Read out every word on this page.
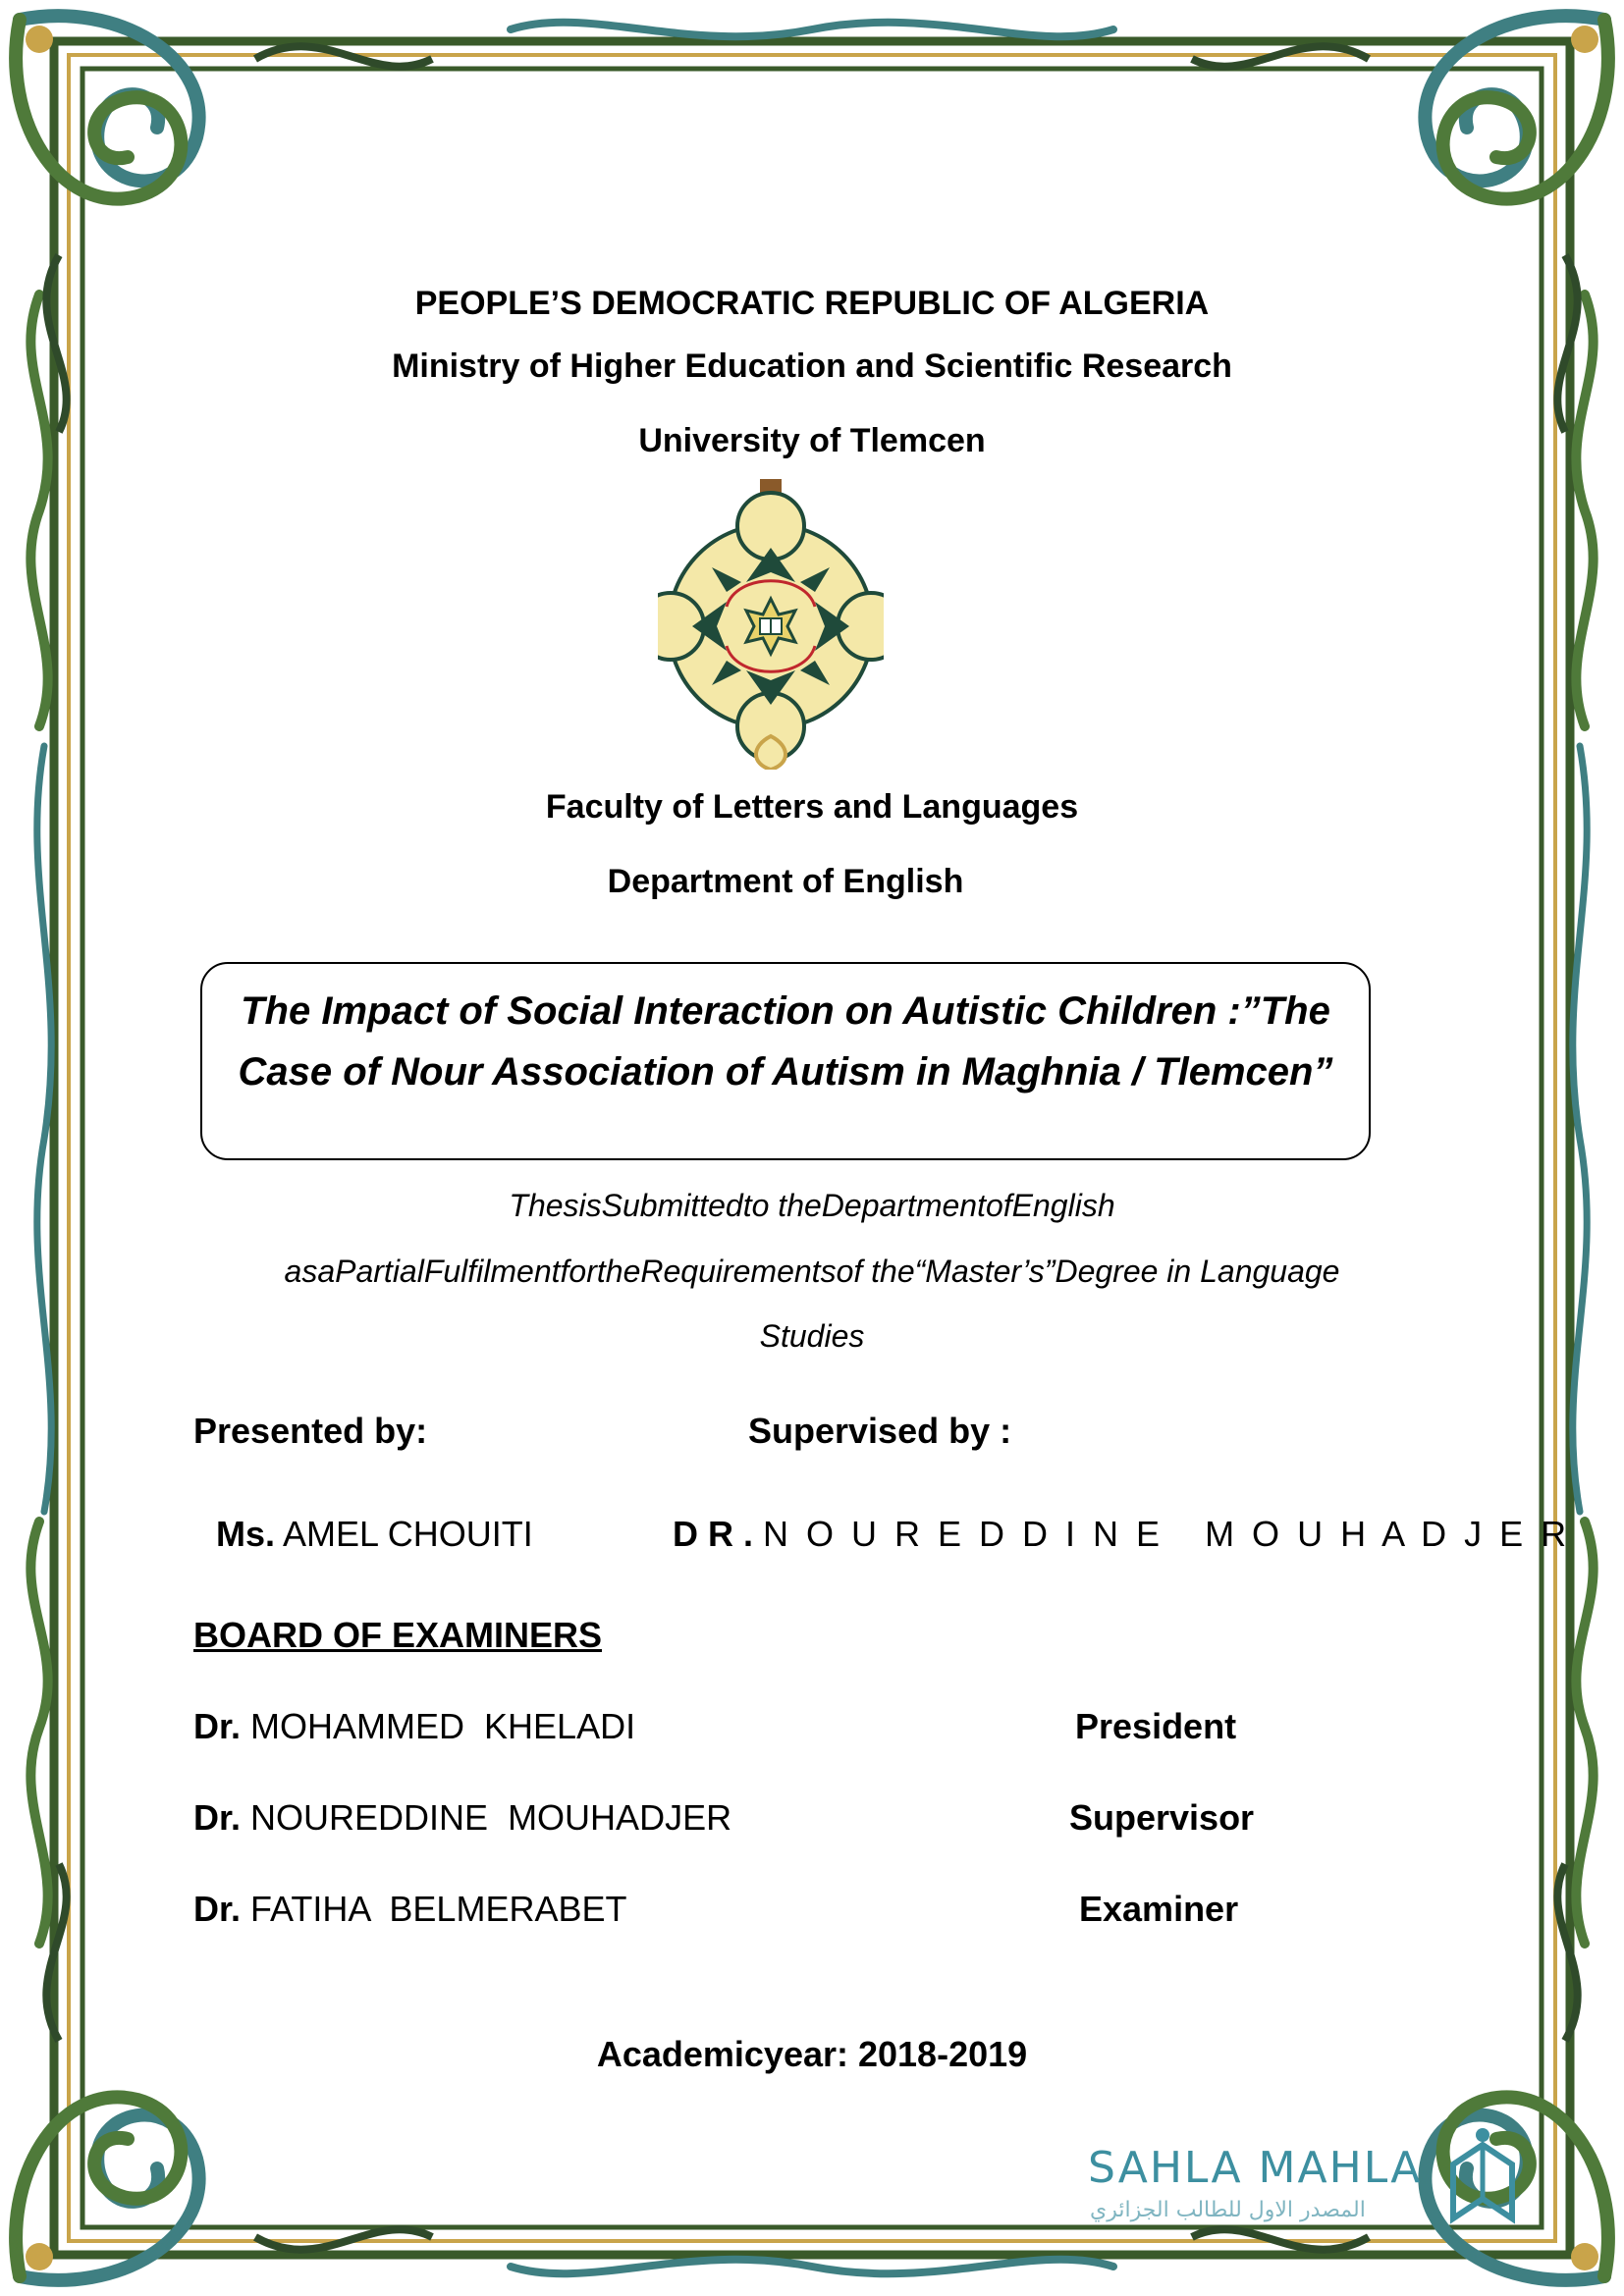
PEOPLE’S DEMOCRATIC REPUBLIC OF ALGERIA
Ministry of Higher Education and Scientific Research
University of Tlemcen
Faculty of Letters and Languages
Department of English
The Impact of Social Interaction on Autistic Children :”The
Case of Nour Association of Autism in Maghnia / Tlemcen”
ThesisSubmittedto theDepartmentofEnglish
asaPartialFulfilmentfortheRequirementsof the“Master’s”Degree in Language
Studies
Presented by:	Supervised by :
Ms. AMEL CHOUITI	D R . N O U R E D D I N E   M O U H A D J E R
BOARD OF EXAMINERS
Dr. MOHAMMED  KHELADI	President
Dr. NOUREDDINE  MOUHADJER	Supervisor
Dr. FATIHA  BELMERABET	Examiner
Academicyear: 2018-2019
SAHLA MAHLA
المصدر الاول للطالب الجزائري
